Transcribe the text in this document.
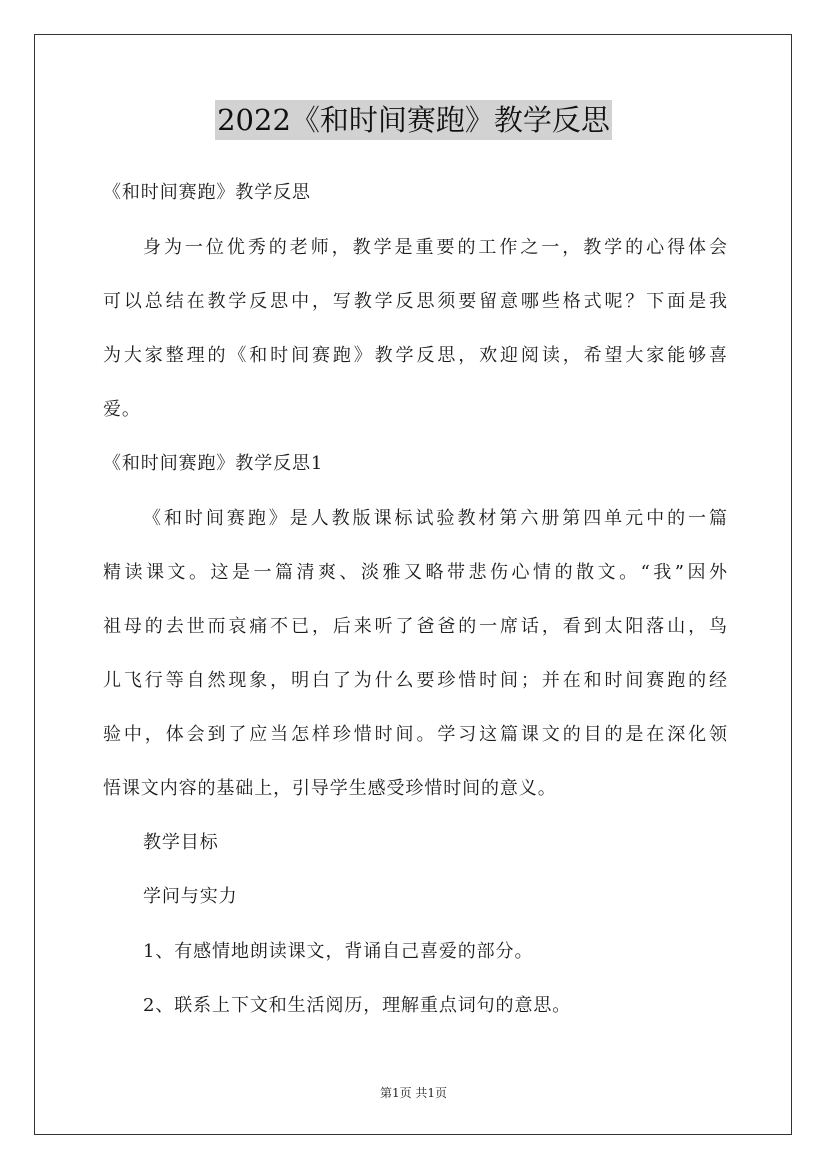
2022《和时间赛跑》教学反思
《和时间赛跑》教学反思
身为一位优秀的老师，教学是重要的工作之一，教学的心得体会
可以总结在教学反思中，写教学反思须要留意哪些格式呢？下面是我
为大家整理的《和时间赛跑》教学反思，欢迎阅读，希望大家能够喜
爱。
《和时间赛跑》教学反思1
《和时间赛跑》是人教版课标试验教材第六册第四单元中的一篇
精读课文。这是一篇清爽、淡雅又略带悲伤心情的散文。“我”因外
祖母的去世而哀痛不已，后来听了爸爸的一席话，看到太阳落山，鸟
儿飞行等自然现象，明白了为什么要珍惜时间；并在和时间赛跑的经
验中，体会到了应当怎样珍惜时间。学习这篇课文的目的是在深化领
悟课文内容的基础上，引导学生感受珍惜时间的意义。
教学目标
学问与实力
1、有感情地朗读课文，背诵自己喜爱的部分。
2、联系上下文和生活阅历，理解重点词句的意思。
第1页 共1页
